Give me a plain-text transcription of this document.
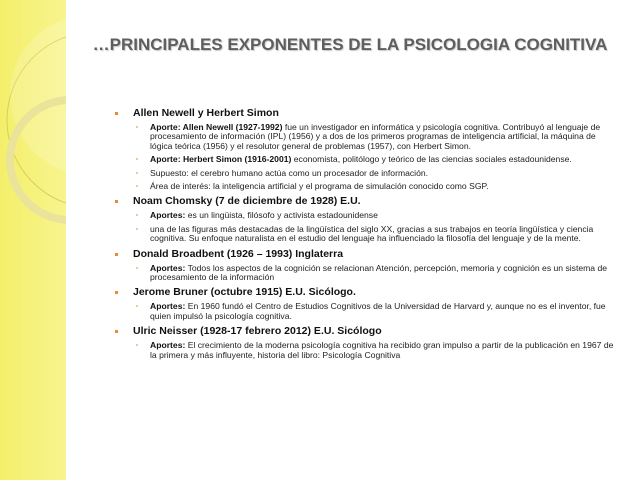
…PRINCIPALES EXPONENTES DE LA PSICOLOGIA COGNITIVA
Allen Newell y Herbert Simon
Aporte: Allen Newell (1927-1992) fue un investigador en informática y psicología cognitiva. Contribuyó al lenguaje de procesamiento de información (IPL) (1956) y a dos de los primeros programas de inteligencia artificial, la máquina de lógica teórica (1956) y el resolutor general de problemas (1957), con Herbert Simon.
Aporte: Herbert Simon (1916-2001) economista, politólogo y teórico de las ciencias sociales estadounidense.
Supuesto: el cerebro humano actúa como un procesador de información.
Área de interés: la inteligencia artificial y el programa de simulación conocido como SGP.
Noam Chomsky (7 de diciembre de 1928) E.U.
Aportes: es un lingüista, filósofo y activista estadounidense
una de las figuras más destacadas de la lingüística del siglo XX, gracias a sus trabajos en teoría lingüística y ciencia cognitiva. Su enfoque naturalista en el estudio del lenguaje ha influenciado la filosofía del lenguaje y de la mente.
Donald Broadbent (1926 – 1993) Inglaterra
Aportes: Todos los aspectos de la cognición se relacionan Atención, percepción, memoria y cognición es un sistema de procesamiento de la información
Jerome Bruner (octubre 1915) E.U. Sicólogo.
Aportes: En 1960 fundó el Centro de Estudios Cognitivos de la Universidad de Harvard y, aunque no es el inventor, fue quien impulsó la psicología cognitiva.
Ulric Neisser (1928-17 febrero 2012) E.U. Sicólogo
Aportes: El crecimiento de la moderna psicología cognitiva ha recibido gran impulso a partir de la publicación en 1967 de la primera y más influyente, historia del libro: Psicología Cognitiva
